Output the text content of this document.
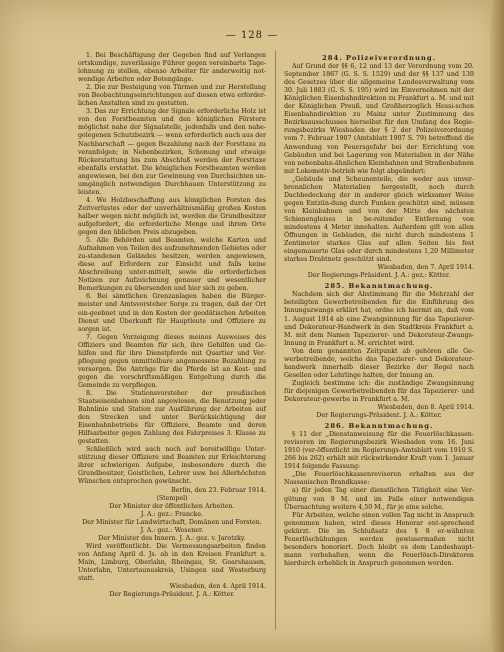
— 128 —

1. Bei Beschäftigung der Gegeben find auf Verlangen ortskundige, zuverlässige Führer gegen vereinbarte Tage-lohnung zu stellen, ebenso Arbeiter für anderweitig not-wendige Arbeiten oder Botengänge.

2. Die zur Besteigung von Türmen und zur Herstellung von Beobachtungseinrichtungen auf diesen etwa erforder-lichen Anstalten sind zu gestatten.

3. Das zur Errichtung der Signale erforderliche Holz ist von den Forstbeamten und den königlichen Förstern möglichst nahe der Signalstelle, jedenfalls und den nahe-gelegenen Schutzbezirk — wenn erforderlich auch aus der Nachbarschaft — gegen Bezahlung nach der Forsttaxe zu veranfolgen; in Nebenbezirken, Schonung und etwaige Rückerstattung bis zum Abschluß werden der Forsttaxe ebenfalls erstattet. Die königlichen Forstbeamten werden angewiesen, bei den zur Gewinnung von Durchsichten un-umgänglich notwendigen Durchhauen Unterstützung zu leisten.

4. Wo Holzbeschaffung aus königlichen Forsten des Zeitverlustes oder der unverhältnismäßig großen Kosten halber wegen nicht möglich ist, werden die Grundbesitzer aufgefordert, die erforderliche Menge und ihrem Orte gegen den üblichen Preis abzugeben.

5. Alle Behörden und Beamten, welche Karten und Aufnahmen von Teilen des aufzunehmenden Gebietes oder zu-standenen Geländes besitzen, werden angewiesen, diese auf Erfordern zur Einsicht und falls keine Abschreibung unter-mittelt, sowie die erforderlichen Notizen zur Aufzeichnung genauer und wesentlicher Bemerkungen zu übersenden und hier sich zu geben.

6. Bei sämtlichen Grenzanlagen haben die Bürger-meister und Amtsvorsteher Sorge zu tragen, daß der Ort ein-geebnet und in den Kosten der geodätischen Arbeiten Dienst und Überkunft für Hauptleute und Offiziere zu sorgen ist.

7. Gegen Vorzeigung dieses meines Ausweises des Offiziers und Beamten für sich, ihre Gehilfen und Ge-hilfen und für ihre Dienstpferde mit Quartier und Ver-pflegung gegen unmittelbare angemessene Bezahlung zu versorgen. Die Anträge für die Pferde ist an Kost- und gegen die vorschriftsmäßigen Entgeltung durch die Gemeinde zu verpflegen.

8. Die Stationsvorsteher der preußischen Staatseisenbahnen sind angewiesen, die Benutzung jeder Bahnlinie und Station zur Ausführung der Arbeiten auf den Strecken und unter Berücksichtigung der Eisenbahnbetriebs für Offiziere, Beamte und deren Hilfsarbeiter gegen Zahlung des Fahrpreises 3. Klasse zu gestatten.

Schließlich wird auch noch auf bereitwillige Unter-stützung dieser Offiziere und Beamten zur Erleichterung ihrer schwierigen Aufgabe, insbesondere durch die Grundbesitzer, Geistlichen, Lehrer usw. bei Allerhöchsten Wünschen entsprochen gewünscht.

Berlin, den 23. Februar 1914.

(Stempel)

Der Minister der öffentlichen Arbeiten.

J. A.: gez.: Francke.

Der Minister für Landwirtschaft, Domänen und Forsten.

J. A.: gez.: Wesener.

Der Minister des Innern. J. A.: gez. v. Jarotzky.

Wird veröffentlicht. Die Vermessungsarbeiten finden von Anfang April d. Js. ab in den Kreisen Frankfurt a. Main, Limburg, Oberlahn, Rheingau, St. Goarshausen, Unterlahn, Untertaunuskreis, Usingen und Westerburg statt.

Wiesbaden, den 4. April 1914.

Der Regierungs-Präsident. J. A.: Kötter.

284. Polizeiverordnung.

Auf Grund der §§ 6, 12 und 13 der Verordnung vom 20. September 1867 (G. S. S. 1529) und der §§ 137 und 139 des Gesetzes über die allgemeine Landesverwaltung vom 30. Juli 1883 (G. S. S. 195) wird im Einvernehmen mit der Königlichen Eisenbahndirektion zu Frankfurt a. M. und mit der Königlichen Preuß. und Großherzoglich Hessi-schen Eisenbahndirektion zu Mainz unter Zustimmung des Bezirksausschusses hierselbst für den Umfang des Regie-rungsbezirks Wiesbaden der § 2 der Polizeiverordnung vom 7. Februar 1907 (Amtsblatt 1907 S. 79) betreffend die Anwendung von Feuersgefahr bei der Errichtung von Gebäuden und bei Lagerung von Materialien in der Nähe von nebenbahn-ähnlichen Kleinbahnen und Straßenbahnen mit Lokomotiv-betrieb wie folgt abgeändert:

„Gebäude und Scheunenteile, die weder aus unver-brennlichen Materialien hergestellt, noch durch Dachbedeckung der in anderer gleich wirksamer Weise gegen Entzün-dung durch Funken geschützt sind, müssen von Kleinbahnen und von der Mitte des nächsten Schienengleises in be-reitender Entfernung von mindestens 4 Meter innehalten. Außerdem gilt von allen Öffnungen in Gebäuden, die nicht durch mindestens 1 Zentimeter starkes Glas auf allen Seiten bis fest eingemauerte Glas oder durch mindestens 1,20 Millimeter starkes Drahtnetz geschützt sind.

Wiesbaden, den 7. April 1914.

Der Regierungs-Präsident. J. A.: gez.: Kötter.

285. Bekanntmachung.

Nachdem sich der Abstimmung für die Mehrzahl der beteiligten Gewerbetreibenden für die Einführung des Innungszwangs erklärt hat, ordne ich hiermit an, daß vom 1. August 1914 ab eine Zwangsinnung für das Tapezierer- und Dekorateur-Handwerk in den Stadtkreis Frankfurt a. M. mit dem Namen Tapezierer- und Dekorateur-Zwangs-Innung in Frankfurt a. M. errichtet wird.

Von dem genannten Zeitpunkt ab gehören alle Ge-werbetreibende, welche das Tapezierer- und Dekorateur-handwerk innerhalb dieser Bezirke der Regel nach Gesellen oder Lehrlinge halten, der Innung an.

Zugleich bestimme ich: die zuständige Zwangsinnung für diejenigen Gewerbetreibenden für das Tapezierer- und Dekorateur-gewerbe in Frankfurt a. M.

Wiesbaden, den 8. April 1914.

Der Regierungs-Präsident. J. A.: Kötter.

286. Bekanntmachung.

§ 11 der „Dienstanweisung für die Feuerlöschkassen-revisoren im Regierungsbezirk Wiesbaden vom 16. Juni 1910 (ver-öffentlicht im Regierungs-Amtsblatt vom 1910 S. 266 bis 262) erhält mit rückwirkender Kraft vom 1. Januar 1914 folgende Fassung:

„Die Feuerlöschkassenrevisoren erhalten aus der Nassauischen Brandkasse:

a) für jeden Tag einer dienstlichen Tätigkeit eine Ver-gütung von 9 M. und im Falle einer notwendigen Übernachtung weitere 4,50 M., für je eine solche.

Für Arbeiten, welche einen vollen Tag nicht in Anspruch genommen haben, wird dieses Honorar ent-sprechend gekürzt. Die im Schlußsatz des § 8 er-wähnten Feuerlöschübungen werden gewissermaßen nicht besonders honoriert. Doch bleibt es dem Landeshaupt-mann vorbehalten, wenn die Feuerlösch-Direktoren hierdurch erheblich in Anspruch genommen werden.
